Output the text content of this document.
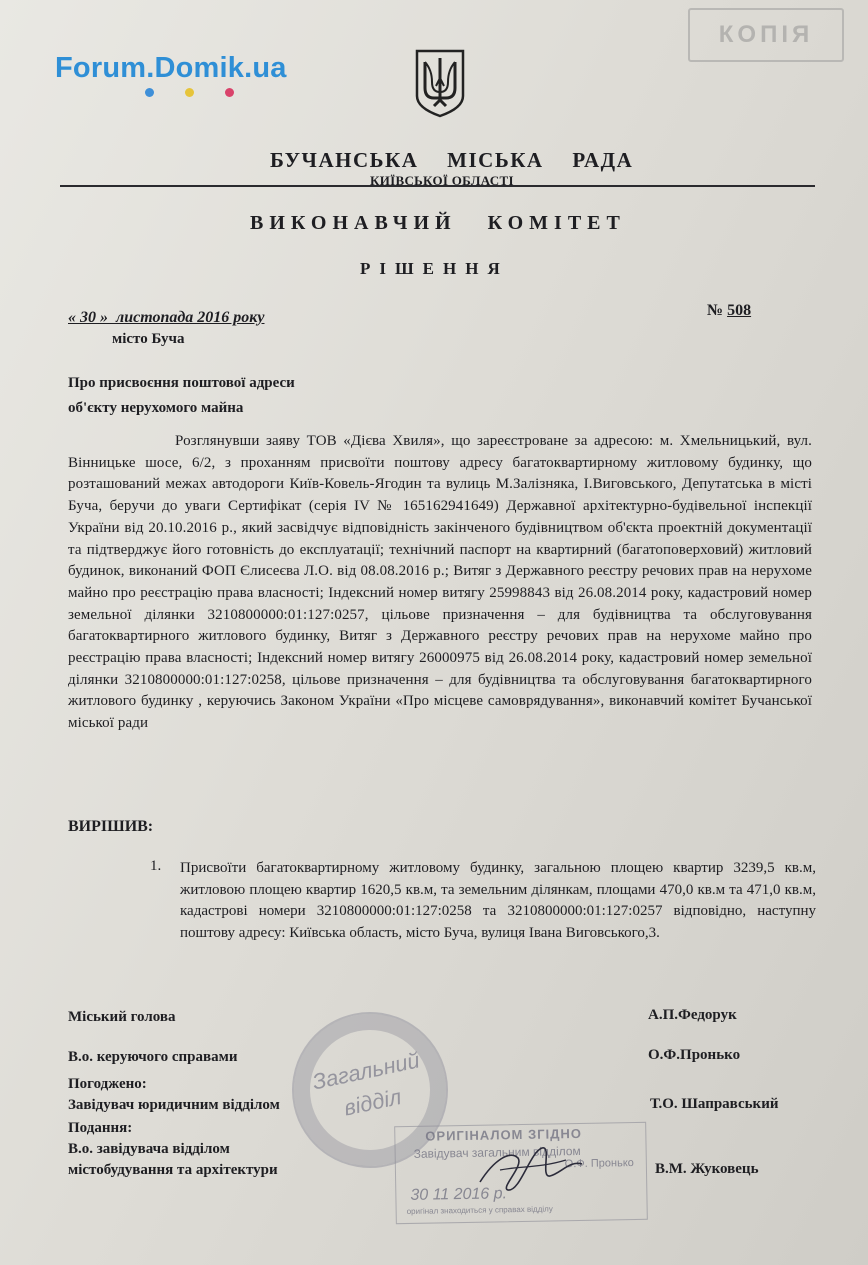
Forum.Domik.ua
КОПІЯ
БУЧАНСЬКА МІСЬКА РАДА
КИЇВСЬКОЇ ОБЛАСТІ
ВИКОНАВЧИЙ КОМІТЕТ
РІШЕННЯ
« 30 »  листопада 2016 року	№ 508
місто Буча
Про присвоєння поштової адреси
об'єкту нерухомого майна
Розглянувши заяву ТОВ «Дієва Хвиля», що зареєстроване за адресою: м. Хмельницький, вул. Вінницьке шосе, 6/2, з проханням присвоїти поштову адресу багатоквартирному житловому будинку, що розташований межах автодороги Київ-Ковель-Ягодин та вулиць М.Залізняка, І.Виговського, Депутатська в місті Буча, беручи до уваги Сертифікат (серія IV № 165162941649) Державної архітектурно-будівельної інспекції України від 20.10.2016 р., який засвідчує відповідність закінченого будівництвом об'єкта проектній документації та підтверджує його готовність до експлуатації; технічний паспорт на квартирний (багатоповерховий) житловий будинок, виконаний ФОП Єлисеєва Л.О. від 08.08.2016 р.; Витяг з Державного реєстру речових прав на нерухоме майно про реєстрацію права власності; Індексний номер витягу 25998843 від 26.08.2014 року, кадастровий номер земельної ділянки 3210800000:01:127:0257, цільове призначення – для будівництва та обслуговування багатоквартирного житлового будинку, Витяг з Державного реєстру речових прав на нерухоме майно про реєстрацію права власності; Індексний номер витягу 26000975 від 26.08.2014 року, кадастровий номер земельної ділянки 3210800000:01:127:0258, цільове призначення – для будівництва та обслуговування багатоквартирного житлового будинку , керуючись Законом України «Про місцеве самоврядування», виконавчий комітет Бучанської міської ради
ВИРІШИВ:
1. Присвоїти багатоквартирному житловому будинку, загальною площею квартир 3239,5 кв.м, житловою площею квартир 1620,5 кв.м, та земельним ділянкам, площами 470,0 кв.м та 471,0 кв.м, кадастрові номери 3210800000:01:127:0258 та 3210800000:01:127:0257 відповідно, наступну поштову адресу: Київська область, місто Буча, вулиця Івана Виговського,3.
Загальний
відділ
Міський голова	А.П.Федорук
В.о. керуючого справами	О.Ф.Пронько
Погоджено:
Завідувач юридичним відділом	Т.О. Шаправський
Подання:
В.о. завідувача відділом
містобудування та архітектури	В.М. Жуковець
ОРИГІНАЛОМ ЗГІДНО
Завідувач загальним відділом
О.Ф. Пронько
30 11 2016 р.
оригінал знаходиться у справах відділу
